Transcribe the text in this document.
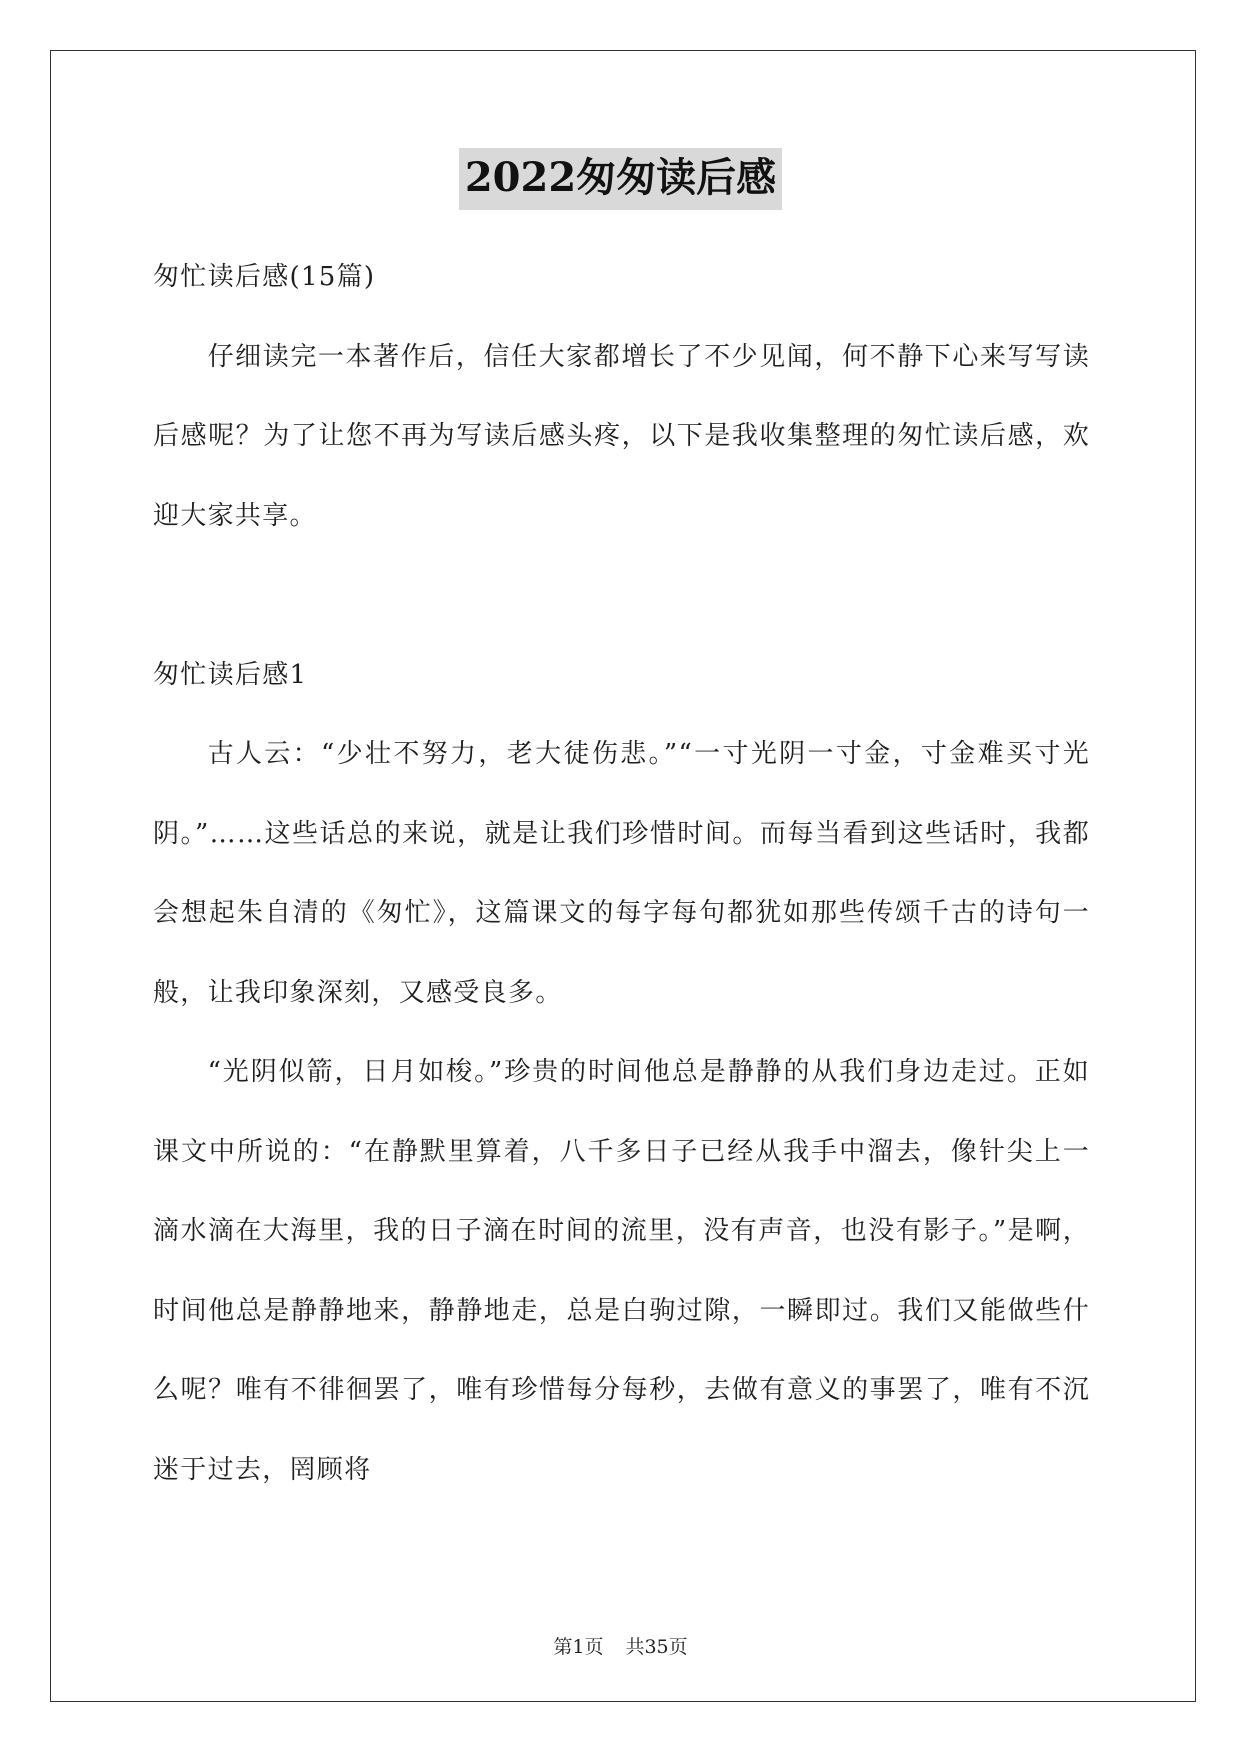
2022匆匆读后感

匆忙读后感(15篇)

仔细读完一本著作后，信任大家都增长了不少见闻，何不静下心来写写读后感呢？为了让您不再为写读后感头疼，以下是我收集整理的匆忙读后感，欢迎大家共享。

匆忙读后感1

古人云：“少壮不努力，老大徒伤悲。”“一寸光阴一寸金，寸金难买寸光阴。”……这些话总的来说，就是让我们珍惜时间。而每当看到这些话时，我都会想起朱自清的《匆忙》，这篇课文的每字每句都犹如那些传颂千古的诗句一般，让我印象深刻，又感受良多。

“光阴似箭，日月如梭。”珍贵的时间他总是静静的从我们身边走过。正如课文中所说的：“在静默里算着，八千多日子已经从我手中溜去，像针尖上一滴水滴在大海里，我的日子滴在时间的流里，没有声音，也没有影子。”是啊，时间他总是静静地来，静静地走，总是白驹过隙，一瞬即过。我们又能做些什么呢？唯有不徘徊罢了，唯有珍惜每分每秒，去做有意义的事罢了，唯有不沉迷于过去，罔顾将

第1页 共35页
